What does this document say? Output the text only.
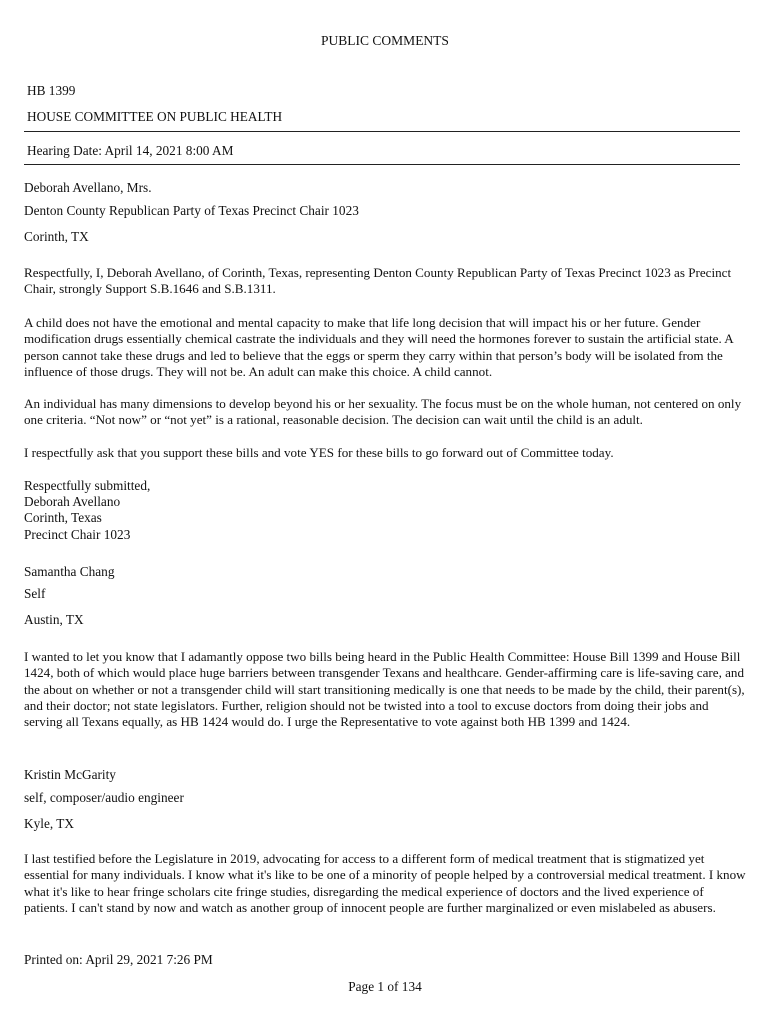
PUBLIC COMMENTS
HB 1399
HOUSE COMMITTEE ON PUBLIC HEALTH
Hearing Date: April 14, 2021 8:00 AM
Deborah Avellano, Mrs.
Denton County Republican Party of Texas Precinct Chair 1023
Corinth, TX

Respectfully, I, Deborah Avellano, of Corinth, Texas, representing Denton County Republican Party of Texas Precinct 1023 as Precinct Chair, strongly Support S.B.1646 and S.B.1311.

A child does not have the emotional and mental capacity to make that life long decision that will impact his or her future. Gender modification drugs essentially chemical castrate the individuals and they will need the hormones forever to sustain the artificial state. A person cannot take these drugs and led to believe that the eggs or sperm they carry within that person’s body will be isolated from the influence of those drugs. They will not be. An adult can make this choice. A child cannot.

An individual has many dimensions to develop beyond his or her sexuality. The focus must be on the whole human, not centered on only one criteria. “Not now” or “not yet” is a rational, reasonable decision. The decision can wait until the child is an adult.

I respectfully ask that you support these bills and vote YES for these bills to go forward out of Committee today.

Respectfully submitted,
Deborah Avellano
Corinth, Texas
Precinct Chair 1023
Samantha Chang
Self
Austin, TX

I wanted to let you know that I adamantly oppose two bills being heard in the Public Health Committee: House Bill 1399 and House Bill 1424, both of which would place huge barriers between transgender Texans and healthcare. Gender-affirming care is life-saving care, and the about on whether or not a transgender child will start transitioning medically is one that needs to be made by the child, their parent(s), and their doctor; not state legislators. Further, religion should not be twisted into a tool to excuse doctors from doing their jobs and serving all Texans equally, as HB 1424 would do. I urge the Representative to vote against both HB 1399 and 1424.

Kristin McGarity
self, composer/audio engineer
Kyle, TX

I last testified before the Legislature in 2019, advocating for access to a different form of medical treatment that is stigmatized yet essential for many individuals. I know what it's like to be one of a minority of people helped by a controversial medical treatment. I know what it's like to hear fringe scholars cite fringe studies, disregarding the medical experience of doctors and the lived experience of patients. I can't stand by now and watch as another group of innocent people are further marginalized or even mislabeled as abusers.

Printed on: April 29, 2021 7:26 PM
Page 1 of 134
